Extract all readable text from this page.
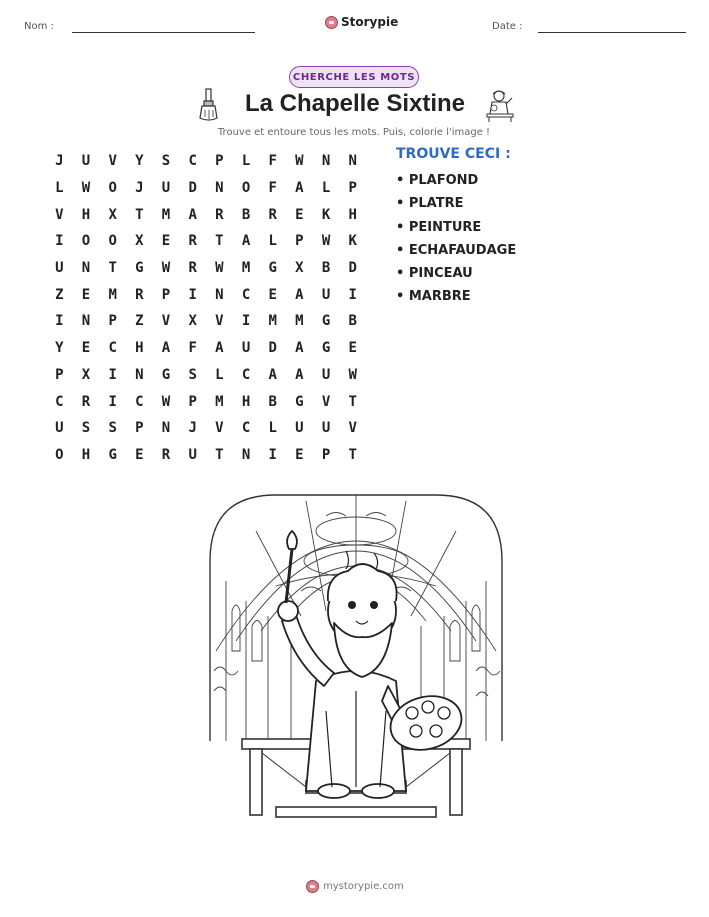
Nom :	Storypie	Date :
CHERCHE LES MOTS
La Chapelle Sixtine
Trouve et entoure tous les mots. Puis, colorie l'image !
J	U	V	Y	S	C	P	L	F	W	N	N
L	W	O	J	U	D	N	O	F	A	L	P
V	H	X	T	M	A	R	B	R	E	K	H
I	O	O	X	E	R	T	A	L	P	W	K
U	N	T	G	W	R	W	M	G	X	B	D
Z	E	M	R	P	I	N	C	E	A	U	I
I	N	P	Z	V	X	V	I	M	M	G	B
Y	E	C	H	A	F	A	U	D	A	G	E
P	X	I	N	G	S	L	C	A	A	U	W
C	R	I	C	W	P	M	H	B	G	V	T
U	S	S	P	N	J	V	C	L	U	U	V
O	H	G	E	R	U	T	N	I	E	P	T
TROUVE CECI :
• PLAFOND
• PLATRE
• PEINTURE
• ECHAFAUDAGE
• PINCEAU
• MARBRE
mystorypie.com
